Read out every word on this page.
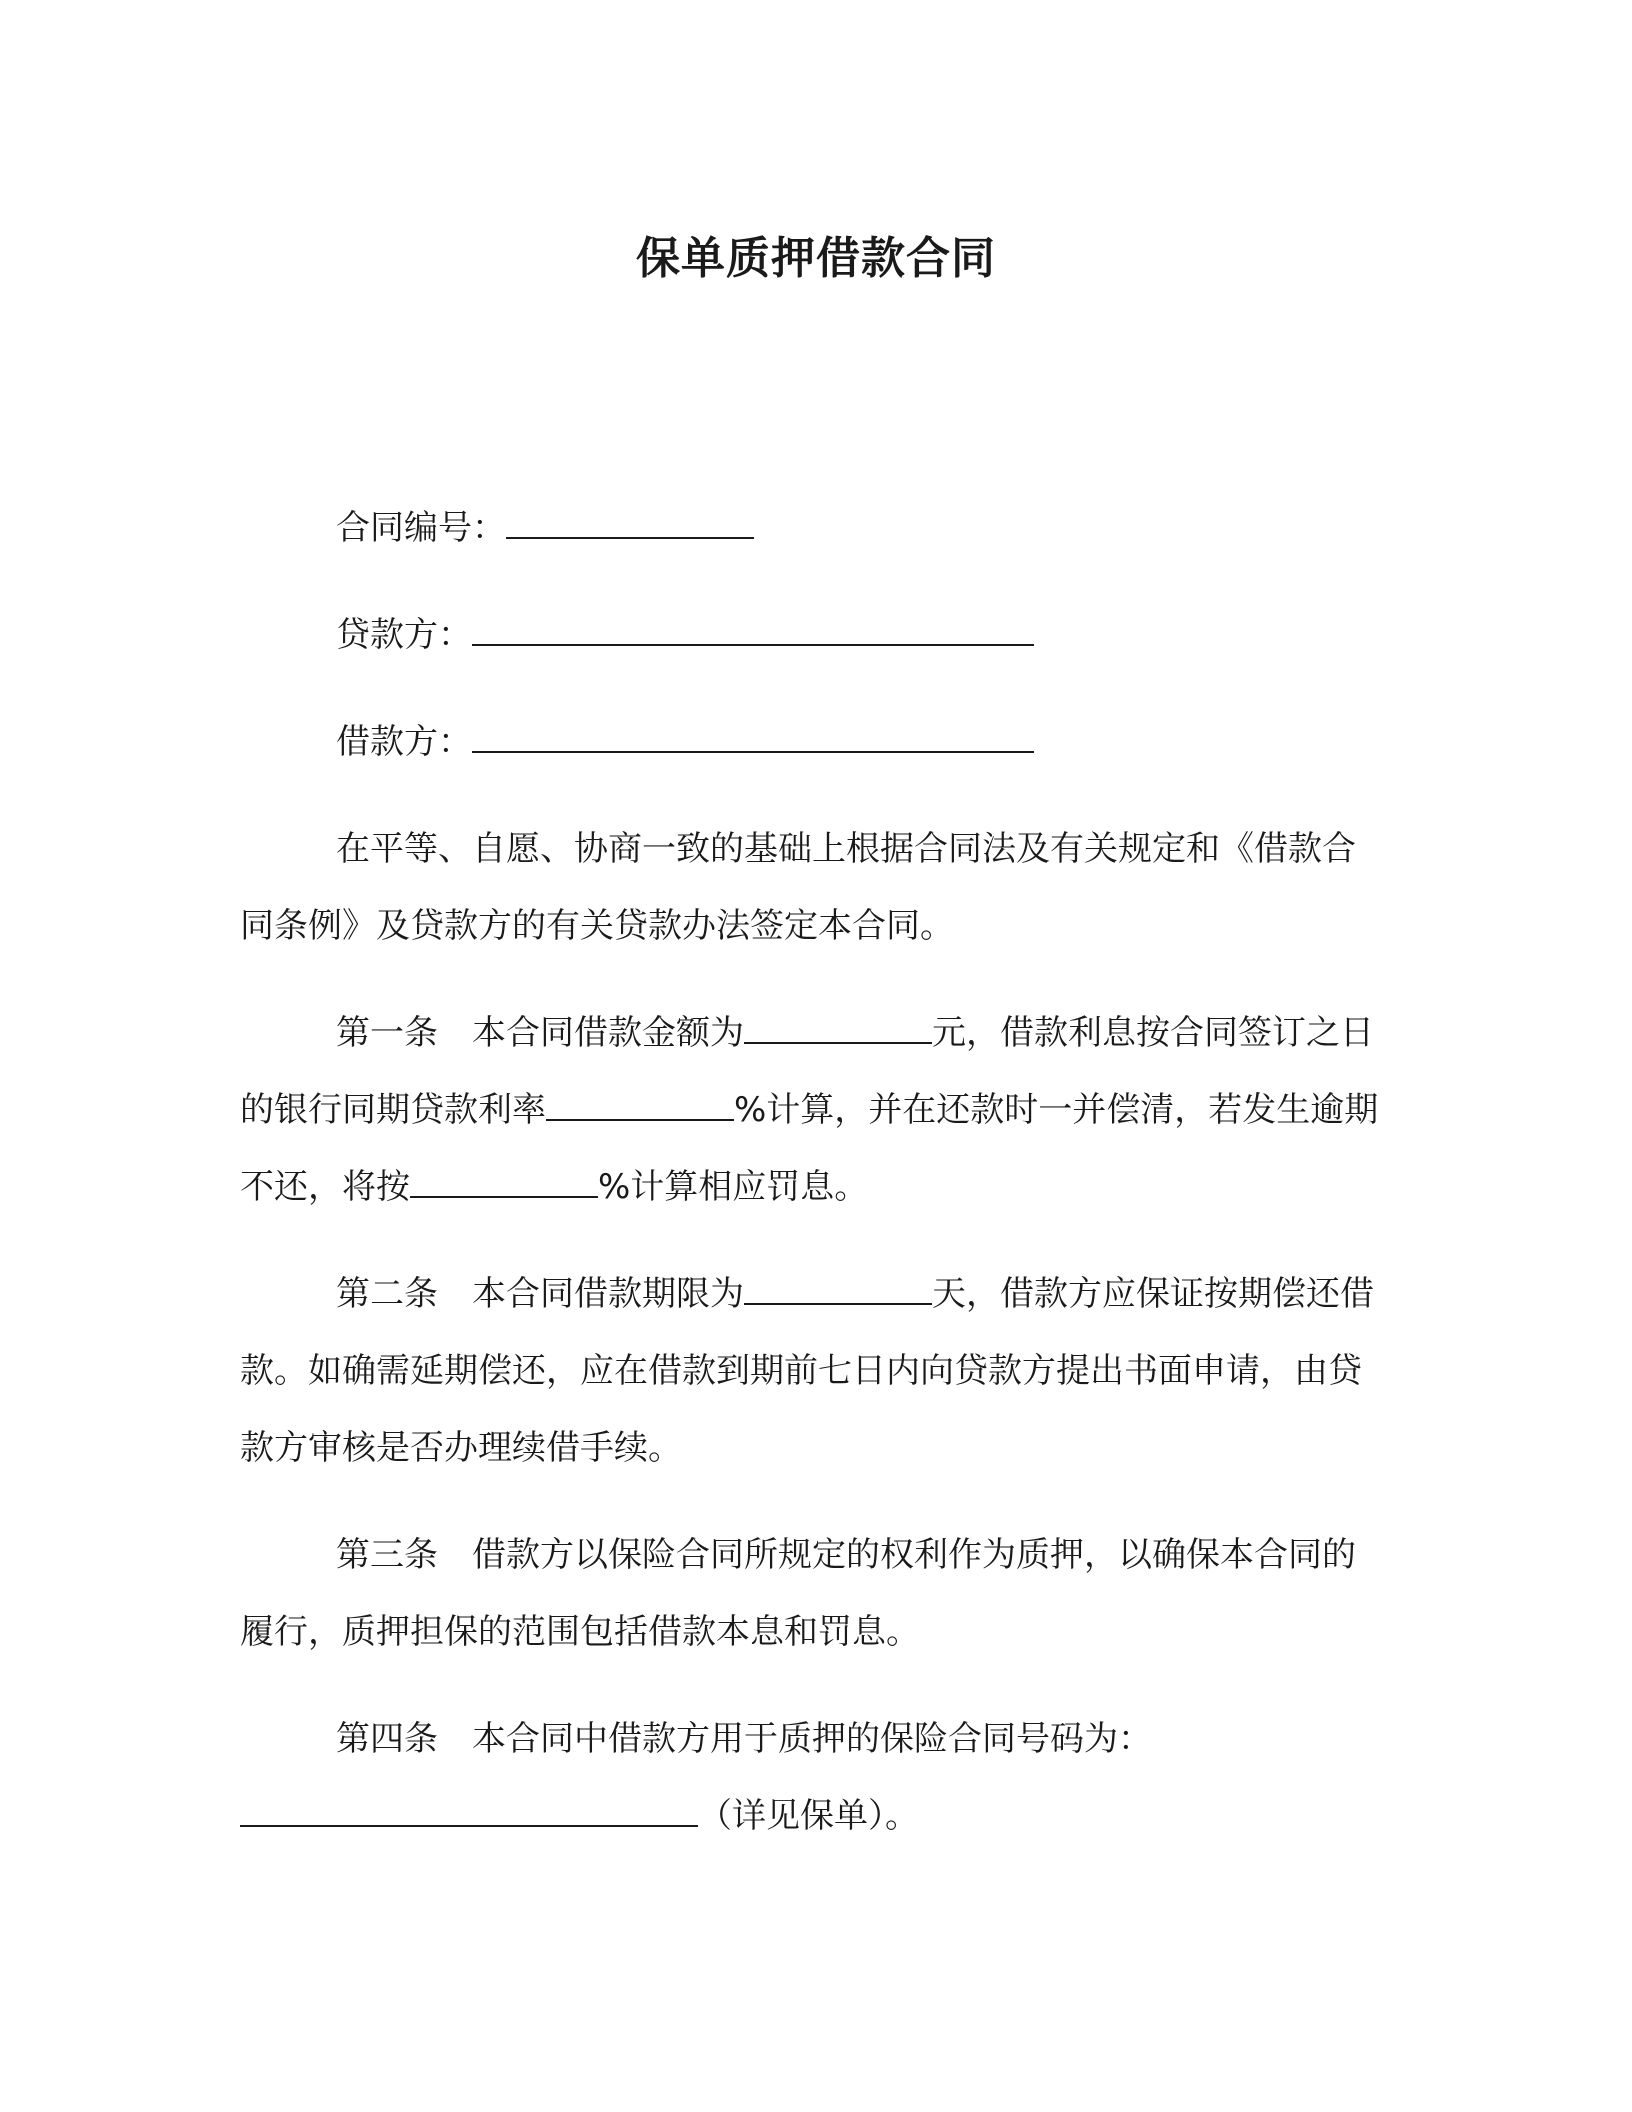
保单质押借款合同

合同编号：

贷款方：

借款方：

在平等、自愿、协商一致的基础上根据合同法及有关规定和《借款合同条例》及贷款方的有关贷款办法签定本合同。

第一条 本合同借款金额为	元，借款利息按合同签订之日的银行同期贷款利率	%计算，并在还款时一并偿清，若发生逾期不还，将按	%计算相应罚息。

第二条 本合同借款期限为	天，借款方应保证按期偿还借款。如确需延期偿还，应在借款到期前七日内向贷款方提出书面申请，由贷款方审核是否办理续借手续。

第三条 借款方以保险合同所规定的权利作为质押，以确保本合同的履行，质押担保的范围包括借款本息和罚息。

第四条 本合同中借款方用于质押的保险合同号码为：（详见保单）。
